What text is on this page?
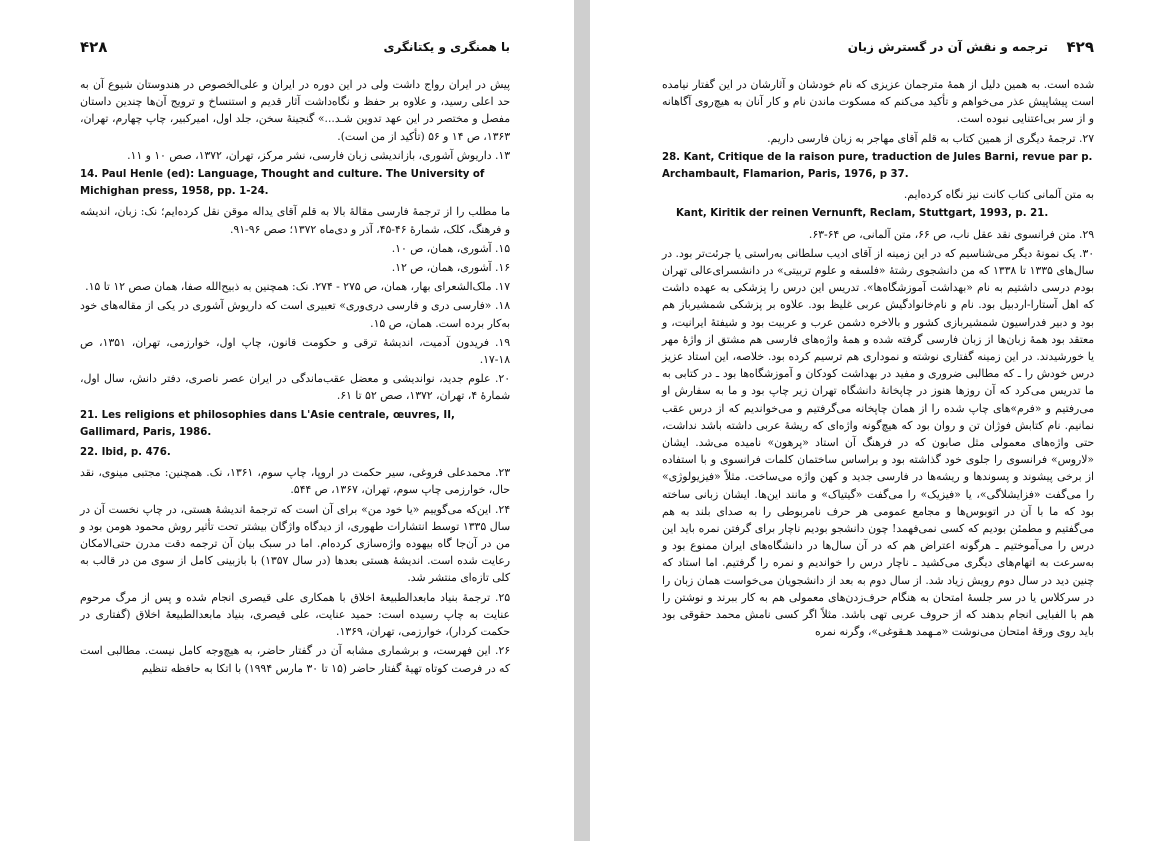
۴۲۸	با همنگری و یکتانگری

پیش در ایران رواج داشت ولی در این دوره در ایران و علی‌الخصوص در هندوستان شیوع آن به حد اعلی رسید، و علاوه بر حفظ و نگاه‌داشت آثار قدیم و استنساخ و ترویج آن‌ها چندین داستان مفصل و مختصر در این عهد تدوین شـد...» گنجینهٔ سخن، جلد اول، امیرکبیر، چاپ چهارم، تهران، ۱۳۶۳، ص ۱۴ و ۵۶ (تأکید از من است).

۱۳. داریوش آشوری، بازاندیشی زبان فارسی، نشر مرکز، تهران، ۱۳۷۲، صص ۱۰ و ۱۱.

14. Paul Henle (ed): Language, Thought and culture. The University of Michighan press, 1958, pp. 1-24.

ما مطلب را از ترجمهٔ فارسی مقالهٔ بالا به قلم آقای یداله موقن نقل کرده‌ایم؛ نک: زبان، اندیشه و فرهنگ، کلک، شمارهٔ ۴۶-۴۵، آذر و دی‌ماه ۱۳۷۲؛ صص ۹۶-۹۱.

۱۵. آشوری، همان، ص ۱۰.

۱۶. آشوری، همان، ص ۱۲.

۱۷. ملک‌الشعرای بهار، همان، ص ۲۷۵ - ۲۷۴. نک: همچنین به ذبیح‌الله صفا، همان صص ۱۲ تا ۱۵.

۱۸. «فارسی دری و فارسی دری‌وری» تعبیری است که داریوش آشوری در یکی از مقاله‌های خود به‌کار برده است. همان، ص ۱۵.

۱۹. فریدون آدمیت، اندیشهٔ ترقی و حکومت قانون، چاپ اول، خوارزمی، تهران، ۱۳۵۱، ص ۱۸-۱۷.

۲۰. علوم جدید، نواندیشی و معضل عقب‌ماندگی در ایران عصر ناصری، دفتر دانش، سال اول، شمارهٔ ۴، تهران، ۱۳۷۲، صص ۵۲ تا ۶۱.

21. Les religions et philosophies dans L'Asie centrale, œuvres, II, Gallimard, Paris, 1986.

22. Ibid, p. 476.

۲۳. محمدعلی فروغی، سیر حکمت در اروپا، چاپ سوم، ۱۳۶۱، نک. همچنین: مجتبی مینوی، نقد حال، خوارزمی چاپ سوم، تهران، ۱۳۶۷، ص ۵۴۴.

۲۴. این‌که می‌گوییم «یا خود من» برای آن است که ترجمهٔ اندیشهٔ هستی، در چاپ نخست آن در سال ۱۳۳۵ توسط انتشارات طهوری، از دیدگاه واژگان بیشتر تحت تأثیر روش محمود هومن بود و من در آن‌جا گاه بیهوده واژه‌سازی کرده‌ام. اما در سبک بیان آن ترجمه دقت مدرن حتی‌الامکان رعایت شده است. اندیشهٔ هستی بعدها (در سال ۱۳۵۷) با بازبینی کامل از سوی من در قالب به کلی تازه‌ای منتشر شد.

۲۵. ترجمهٔ بنیاد مابعدالطبیعهٔ اخلاق با همکاری علی قیصری انجام شده و پس از مرگ مرحوم عنایت به چاپ رسیده است: حمید عنایت، علی قیصری، بنیاد مابعدالطبیعهٔ اخلاق (گفتاری در حکمت کردار)، خوارزمی، تهران، ۱۳۶۹.

۲۶. این فهرست، و برشماری مشابه آن در گفتار حاضر، به هیچ‌وجه کامل نیست. مطالبی است که در فرصت کوتاه تهیهٔ گفتار حاضر (۱۵ تا ۳۰ مارس ۱۹۹۴) با اتکا به حافظه تنظیم

۴۲۹
ترجمه و نقش آن در گسترش زبان

شده است. به همین دلیل از همهٔ مترجمان عزیزی که نام خودشان و آثارشان در این گفتار نیامده است پیشاپیش عذر می‌خواهم و تأکید می‌کنم که مسکوت ماندن نام و کار آنان به هیچ‌روی آگاهانه و از سر بی‌اعتنایی نبوده است.

۲۷. ترجمهٔ دیگری از همین کتاب به قلم آقای مهاجر به زبان فارسی داریم.

28. Kant, Critique de la raison pure, traduction de Jules Barni, revue par p. Archambault, Flamarion, Paris, 1976, p 37.

به متن آلمانی کتاب کانت نیز نگاه کرده‌ایم.

Kant, Kiritik der reinen Vernunft, Reclam, Stuttgart, 1993, p. 21.

۲۹. متن فرانسوی نقد عقل ناب، ص ۶۶، متن آلمانی، ص ۶۴-۶۳.

۳۰. یک نمونهٔ دیگر می‌شناسیم که در این زمینه از آقای ادیب سلطانی به‌راستی یا جرئت‌تر بود. در سال‌های ۱۳۳۵ تا ۱۳۳۸ که من دانشجوی رشتهٔ «فلسفه و علوم تربیتی» در دانشسرای‌عالی تهران بودم درسی داشتیم به نام «بهداشت آموزشگاه‌ها». تدریس این درس را پزشکی به عهده داشت که اهل آستارا-اردبیل بود. نام و نام‌خانوادگیش عربی غلیظ بود. علاوه بر پزشکی شمشیرباز هم بود و دبیر فدراسیون شمشیربازی کشور و بالاخره دشمن عرب و عربیت بود و شیفتهٔ ایرانیت، و معتقد بود همهٔ زبان‌ها از زبان فارسی گرفته شده و همهٔ واژه‌های فارسی هم مشتق از واژهٔ مهر یا خورشیدند. در این زمینه گفتاری نوشته و نموداری هم ترسیم کرده بود. خلاصه، این استاد عزیز درس خودش را ـ که مطالبی ضروری و مفید در بهداشت کودکان و آموزشگاه‌ها بود ـ در کتابی به ما تدریس می‌کرد که آن روزها هنوز در چاپخانهٔ دانشگاه تهران زیر چاپ بود و ما به سفارش او می‌رفتیم و «فرم»های چاپ شده را از همان چاپخانه می‌گرفتیم و می‌خواندیم که از درس عقب نمانیم. نام کتابش فوژان تن و روان بود که هیچ‌گونه واژه‌ای که ریشهٔ عربی داشته باشد نداشت، حتی واژه‌های معمولی مثل صابون که در فرهنگ آن استاد «پرهون» نامیده می‌شد. ایشان «لاروس» فرانسوی را جلوی خود گذاشته بود و براساس ساختمان کلمات فرانسوی و با استفاده از برخی پیشوند و پسوندها و ریشه‌ها در فارسی جدید و کهن واژه می‌ساخت. مثلاً «فیزیولوژی» را می‌گفت «فزایشلاگی»، یا «فیزیک» را می‌گفت «گیتیاک» و مانند این‌ها. ایشان زبانی ساخته بود که ما با آن در اتوبوس‌ها و مجامع عمومی هر حرف نامربوطی را به صدای بلند به هم می‌گفتیم و مطمئن بودیم که کسی نمی‌فهمد! چون دانشجو بودیم ناچار برای گرفتن نمره باید این درس را می‌آموختیم ـ هرگونه اعتراض هم که در آن سال‌ها در دانشگاه‌های ایران ممنوع بود و به‌سرعت به اتهام‌های دیگری می‌کشید ـ ناچار درس را خواندیم و نمره را گرفتیم. اما استاد که چنین دید در سال دوم رویش زیاد شد. از سال دوم به بعد از دانشجویان می‌خواست همان زبان را در سرکلاس یا در سر جلسهٔ امتحان به هنگام حرف‌زدن‌های معمولی هم به کار ببرند و نوشتن را هم با الفبایی انجام بدهند که از حروف عربی تهی باشد. مثلاً اگر کسی نامش محمد حقوقی بود باید روی ورقهٔ امتحان می‌نوشت «مـهمد هـقوغی»، وگرنه نمره
